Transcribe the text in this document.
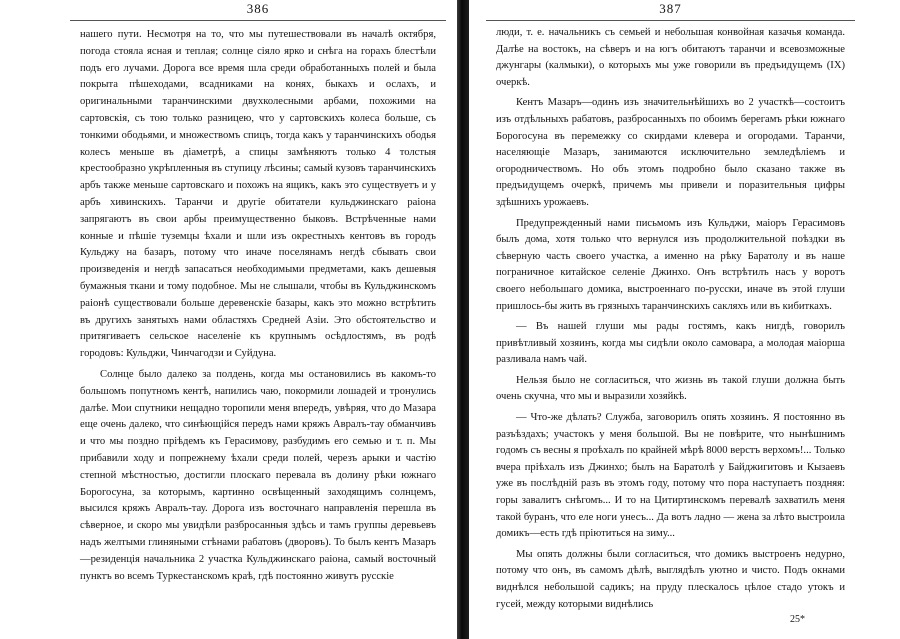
386

нашего пути. Несмотря на то, что мы путешествовали въ началѣ октября, погода стояла ясная и теплая; солнце сіяло ярко и снѣга на горахъ блестѣли подъ его лучами. Дорога все время шла среди обработанныхъ полей и была покрыта пѣшеходами, всадниками на конях, быкахъ и ослахъ, и оригинальными таранчинскими двухколесными арбами, похожими на сартовскія, съ тою только разницею, что у сартовскихъ колеса больше, съ тонкими ободьями, и множествомъ спицъ, тогда какъ у таранчинскихъ ободья колесъ меньше въ діаметрѣ, а спицы замѣняютъ только 4 толстыя крестообразно укрѣпленныя въ ступицу лѣсины; самый кузовъ таранчинскихъ арбъ также меньше сартовскаго и похожъ на ящикъ, какъ это существуетъ и у арбъ хивинскихъ. Таранчи и другіе обитатели кульджинскаго раіона запрягаютъ въ свои арбы преимущественно быковъ. Встрѣченные нами конные и пѣшіе туземцы ѣхали и шли изъ окрестныхъ кентовъ въ городъ Кульджу на базаръ, потому что иначе поселянамъ негдѣ сбывать свои произведенія и негдѣ запасаться необходимыми предметами, какъ дешевыя бумажныя ткани и тому подобное. Мы не слышали, чтобы въ Кульджинскомъ раіонѣ существовали больше деревенскіе базары, какъ это можно встрѣтить въ другихъ занятыхъ нами областяхъ Средней Азіи. Это обстоятельство и притягиваетъ сельское населеніе къ крупнымъ осѣдлостямъ, въ родѣ городовъ: Кульджи, Чинчагодзи и Суйдуна.

Солнце было далеко за полдень, когда мы остановились въ какомъ-то большомъ попутномъ кентѣ, напились чаю, покормили лошадей и тронулись далѣе. Мои спутники нещадно торопили меня впередъ, увѣряя, что до Мазара еще очень далеко, что синѣющійся передъ нами кряжъ Авралъ-тау обманчивъ и что мы поздно пріѣдемъ къ Герасимову, разбудимъ его семью и т. п. Мы прибавили ходу и попрежнему ѣхали среди полей, черезъ арыки и частію степной мѣстностью, достигли плоскаго перевала въ долину рѣки южнаго Борогосуна, за которымъ, картинно освѣщенный заходящимъ солнцемъ, высился кряжъ Авралъ-тау. Дорога изъ восточнаго направленія перешла въ сѣверное, и скоро мы увидѣли разбросанныя здѣсь и тамъ группы деревьевъ надъ желтыми глиняными стѣнами рабатовъ (дворовъ). То былъ кентъ Мазаръ—резиденція начальника 2 участка Кульджинскаго раіона, самый восточный пунктъ во всемъ Туркестанскомъ краѣ, гдѣ постоянно живутъ русскіе

387

люди, т. е. начальникъ съ семьей и небольшая конвойная казачья команда. Далѣе на востокъ, на сѣверъ и на югъ обитаютъ таранчи и всевозможные джунгары (калмыки), о которыхъ мы уже говорили въ предъидущемъ (IX) очеркѣ.

Кентъ Мазаръ—одинъ изъ значительнѣйшихъ во 2 участкѣ—состоитъ изъ отдѣльныхъ рабатовъ, разбросанныхъ по обоимъ берегамъ рѣки южнаго Борогосуна въ перемежку со скирдами клевера и огородами. Таранчи, населяющіе Мазаръ, занимаются исключительно земледѣліемъ и огородничествомъ. Но объ этомъ подробно было сказано также въ предъидущемъ очеркѣ, причемъ мы привели и поразительныя цифры здѣшнихъ урожаевъ.

Предупрежденный нами письмомъ изъ Кульджи, маіоръ Герасимовъ былъ дома, хотя только что вернулся изъ продолжительной поѣздки въ сѣверную часть своего участка, а именно на рѣку Баратолу и въ наше пограничное китайское селеніе Джинхо. Онъ встрѣтилъ насъ у воротъ своего небольшаго домика, выстроеннаго по-русски, иначе въ этой глуши пришлось-бы жить въ грязныхъ таранчинскихъ сакляхъ или въ кибиткахъ.

— Въ нашей глуши мы рады гостямъ, какъ нигдѣ, говорилъ привѣтливый хозяинъ, когда мы сидѣли около самовара, а молодая маіорша разливала намъ чай.

Нельзя было не согласиться, что жизнь въ такой глуши должна быть очень скучна, что мы и выразили хозяйкѣ.

— Что-же дѣлать? Служба, заговорилъ опять хозяинъ. Я постоянно въ разъѣздахъ; участокъ у меня большой. Вы не повѣрите, что нынѣшнимъ годомъ съ весны я проѣхалъ по крайней мѣрѣ 8000 верстъ верхомъ!... Только вчера пріѣхалъ изъ Джинхо; былъ на Баратолѣ у Байджигитовъ и Кызаевъ уже въ послѣдній разъ въ этомъ году, потому что пора наступаетъ поздняя: горы завалитъ снѣгомъ... И то на Цитиртинскомъ перевалѣ захватилъ меня такой буранъ, что еле ноги унесъ... Да вотъ ладно — жена за лѣто выстроила домикъ—есть гдѣ пріютиться на зиму...

Мы опять должны были согласиться, что домикъ выстроенъ недурно, потому что онъ, въ самомъ дѣлѣ, выглядѣлъ уютно и чисто. Подъ окнами виднѣлся небольшой садикъ; на пруду плескалось цѣлое стадо утокъ и гусей, между которыми виднѣлись

25*
